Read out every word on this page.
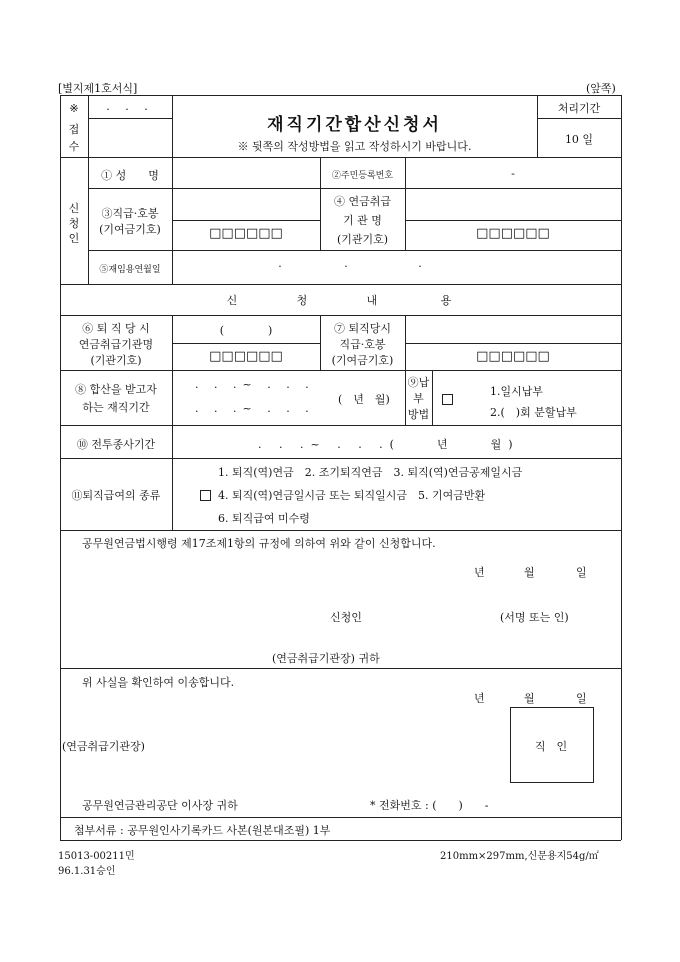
[별지제1호서식]	(앞쪽)
※
접
수
. . .
재직기간합산신청서
※ 뒷쪽의 작성방법을 읽고 작성하시기 바랍니다.
처리기간
10 일
신
청
인
① 성　　명	②주민등록번호	-
③직급·호봉
(기여금기호)	□□□□□□
④ 연금취급
기 관 명
(기관기호)	□□□□□□
⑤재임용연월일	·	·	·
신	청	내	용
⑥ 퇴 직 당 시
연금취급기관명
(기관기호)
(　　　　)
□□□□□□
⑦ 퇴직당시
직급·호봉
(기여금기호)	□□□□□□
⑧ 합산을 받고자
하는 재직기간
. . .~ . . .
. . .~ . . .
(　년　월)
⑨납
부
방법
1.일시납부
2.(　)회 분할납부
⑩ 전투종사기간	. . .~ . . .(　　년　　월)
⑪퇴직급여의 종류
1. 퇴직(역)연금　2. 조기퇴직연금　3. 퇴직(역)연금공제일시금
4. 퇴직(역)연금일시금 또는 퇴직일시금　5. 기여금반환
6. 퇴직급여 미수령
공무원연금법시행령 제17조제1항의 규정에 의하여 위와 같이 신청합니다.
년	월	일
신청인	(서명 또는 인)
(연금취급기관장) 귀하
위 사실을 확인하여 이송합니다.
년	월	일
(연금취급기관장)	직　인
공무원연금관리공단 이사장 귀하	* 전화번호 : (　　)　　-
첨부서류 : 공무원인사기록카드 사본(원본대조필) 1부
15013-00211민
96.1.31승인
210mm×297mm,신문용지54g/㎡
